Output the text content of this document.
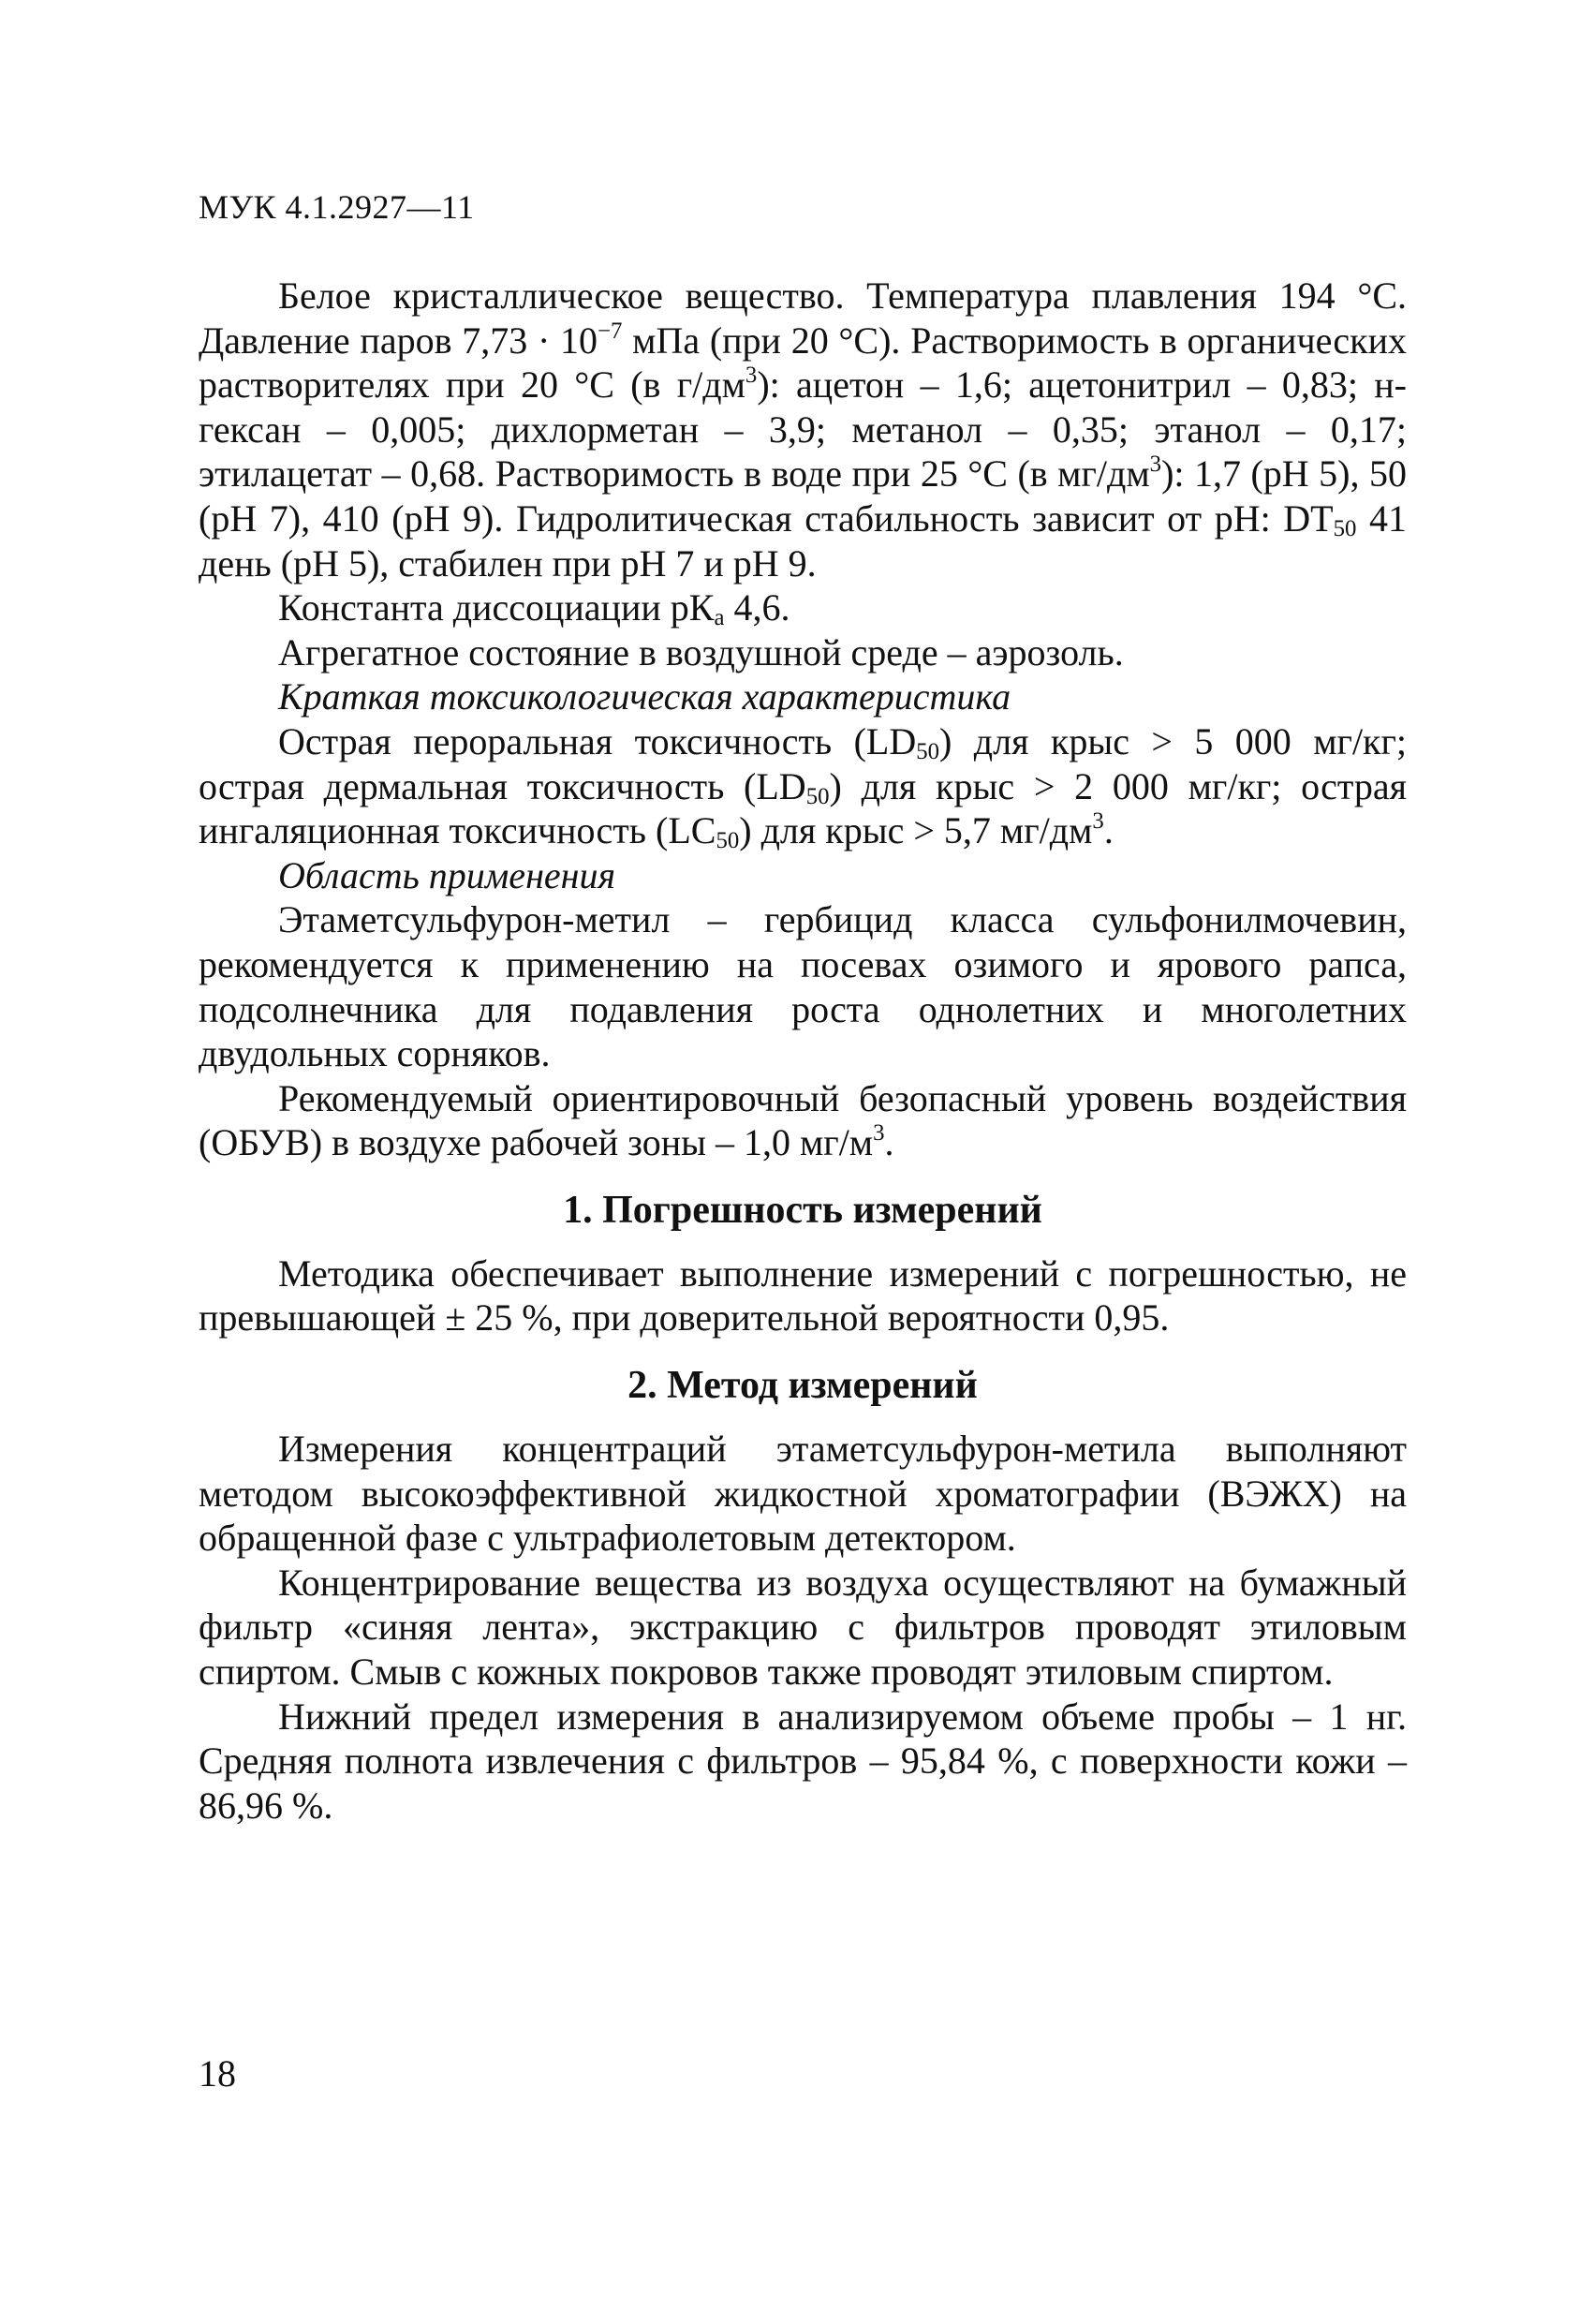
МУК 4.1.2927—11

Белое кристаллическое вещество. Температура плавления 194 °С. Давление паров $7,73 \cdot 10^{-7}$ мПа (при 20 °С). Растворимость в органических растворителях при 20 °С (в $г/дм^3$): ацетон – 1,6; ацетонитрил – 0,83; н-гексан – 0,005; дихлорметан – 3,9; метанол – 0,35; этанол – 0,17; этилацетат – 0,68. Растворимость в воде при 25 °С (в $мг/дм^3$): 1,7 (рН 5), 50 (рН 7), 410 (рН 9). Гидролитическая стабильность зависит от рН: $DT_{50}$ 41 день (рН 5), стабилен при рН 7 и рН 9.

Константа диссоциации $рК_а$ 4,6.

Агрегатное состояние в воздушной среде – аэрозоль.

Краткая токсикологическая характеристика

Острая пероральная токсичность $(LD_{50})$ для крыс > 5 000 мг/кг; острая дермальная токсичность $(LD_{50})$ для крыс > 2 000 мг/кг; острая ингаляционная токсичность $(LC_{50})$ для крыс > 5,7 $мг/дм^3$.

Область применения

Этаметсульфурон-метил – гербицид класса сульфонилмочевин, рекомендуется к применению на посевах озимого и ярового рапса, подсолнечника для подавления роста однолетних и многолетних двудольных сорняков.

Рекомендуемый ориентировочный безопасный уровень воздействия (ОБУВ) в воздухе рабочей зоны – 1,0 $мг/м^3$.

1. Погрешность измерений

Методика обеспечивает выполнение измерений с погрешностью, не превышающей ± 25 %, при доверительной вероятности 0,95.

2. Метод измерений

Измерения концентраций этаметсульфурон-метила выполняют методом высокоэффективной жидкостной хроматографии (ВЭЖХ) на обращенной фазе с ультрафиолетовым детектором.

Концентрирование вещества из воздуха осуществляют на бумажный фильтр «синяя лента», экстракцию с фильтров проводят этиловым спиртом. Смыв с кожных покровов также проводят этиловым спиртом.

Нижний предел измерения в анализируемом объеме пробы – 1 нг. Средняя полнота извлечения с фильтров – 95,84 %, с поверхности кожи – 86,96 %.

18
